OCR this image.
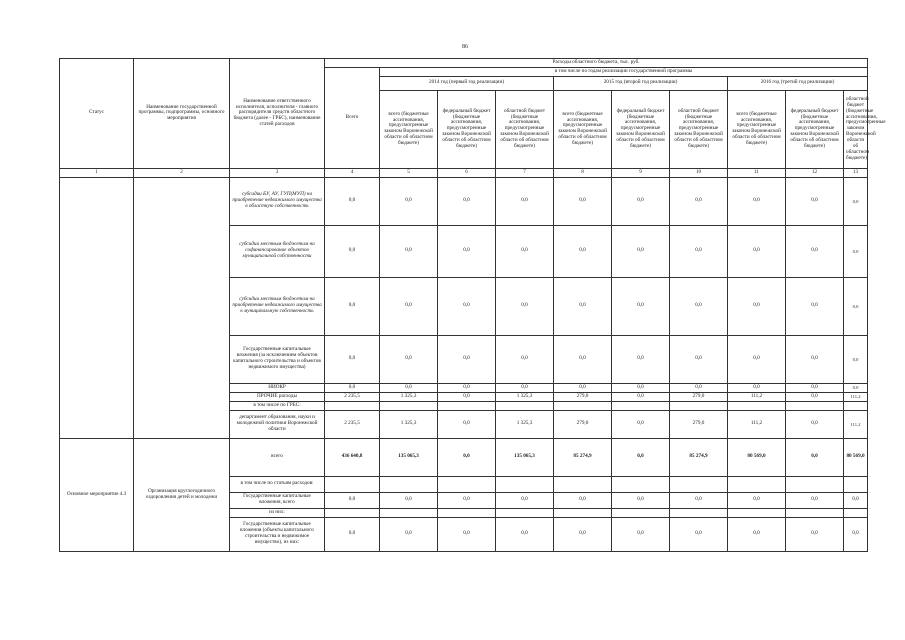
86
Статус	Наименование государственной программы, подпрограммы, основного мероприятия	Наименование ответственного исполнителя, исполнителя - главного распорядителя средств областного бюджета (далее - ГРБС), наименование статей расходов	Расходы областного бюджета, тыс. руб.									
			Всего	в том числе по годам реализации государственной программы								
				2014 год (первый год реализации)			2015 год (второй год реализации)			2016 год (третий год реализации)		
				всего (бюджетные ассигнования, предусмотренные законом Воронежской области об областном бюджете)	федеральный бюджет (бюджетные ассигнования, предусмотренные законом Воронежской области об областном бюджете)	областной бюджет (бюджетные ассигнования, предусмотренные законом Воронежской области об областном бюджете)	всего (бюджетные ассигнования, предусмотренные законом Воронежской области об областном бюджете)	федеральный бюджет (бюджетные ассигнования, предусмотренные законом Воронежской области об областном бюджете)	областной бюджет (бюджетные ассигнования, предусмотренные законом Воронежской области об областном бюджете)	всего (бюджетные ассигнования, предусмотренные законом Воронежской области об областном бюджете)	федеральный бюджет (бюджетные ассигнования, предусмотренные законом Воронежской области об областном бюджете)	областной бюджет (бюджетные ассигнования, предусмотренные законом Воронежской области об областном бюджете)
1	2	3	4	5	6	7	8	9	10	11	12	13
		субсидии БУ, АУ, ГУП(МУП) на приобретение недвижимого имущества в областную собственность	0,0	0,0	0,0	0,0	0,0	0,0	0,0	0,0	0,0	0,0
		субсидии местным бюджетам на софинансирование объектов муниципальной собственности	0,0	0,0	0,0	0,0	0,0	0,0	0,0	0,0	0,0	0,0
		субсидии местным бюджетам на приобретение недвижимого имущества в муниципальную собственность	0,0	0,0	0,0	0,0	0,0	0,0	0,0	0,0	0,0	0,0
		Государственные капитальные вложения (за исключением объектов капитального строительства и объектов недвижимого имущества)	0,0	0,0	0,0	0,0	0,0	0,0	0,0	0,0	0,0	0,0
		НИОКР	0,0	0,0	0,0	0,0	0,0	0,0	0,0	0,0	0,0	0,0
		ПРОЧИЕ расходы	2 235,5	1 325,3	0,0	1 325,3	279,0	0,0	279,0	111,2	0,0	111,2
		в том числе по ГРБС:										
		департамент образования, науки и молодежной политики Воронежской области	2 235,5	1 325,3	0,0	1 325,3	279,0	0,0	279,0	111,2	0,0	111,2
Основное мероприятие 4.3	Организация круглогодичного оздоровления детей и молодежи	всего	436 640,8	135 065,3	0,0	135 065,3	85 274,9	0,0	85 274,9	80 569,0	0,0	80 569,0
		в том числе по статьям расходов:										
		Государственные капитальные вложения, всего	0,0	0,0	0,0	0,0	0,0	0,0	0,0	0,0	0,0	0,0
		из них:										
		Государственные капитальные вложения (объекты капитального строительства и недвижимое имущество), из них:	0,0	0,0	0,0	0,0	0,0	0,0	0,0	0,0	0,0	0,0
